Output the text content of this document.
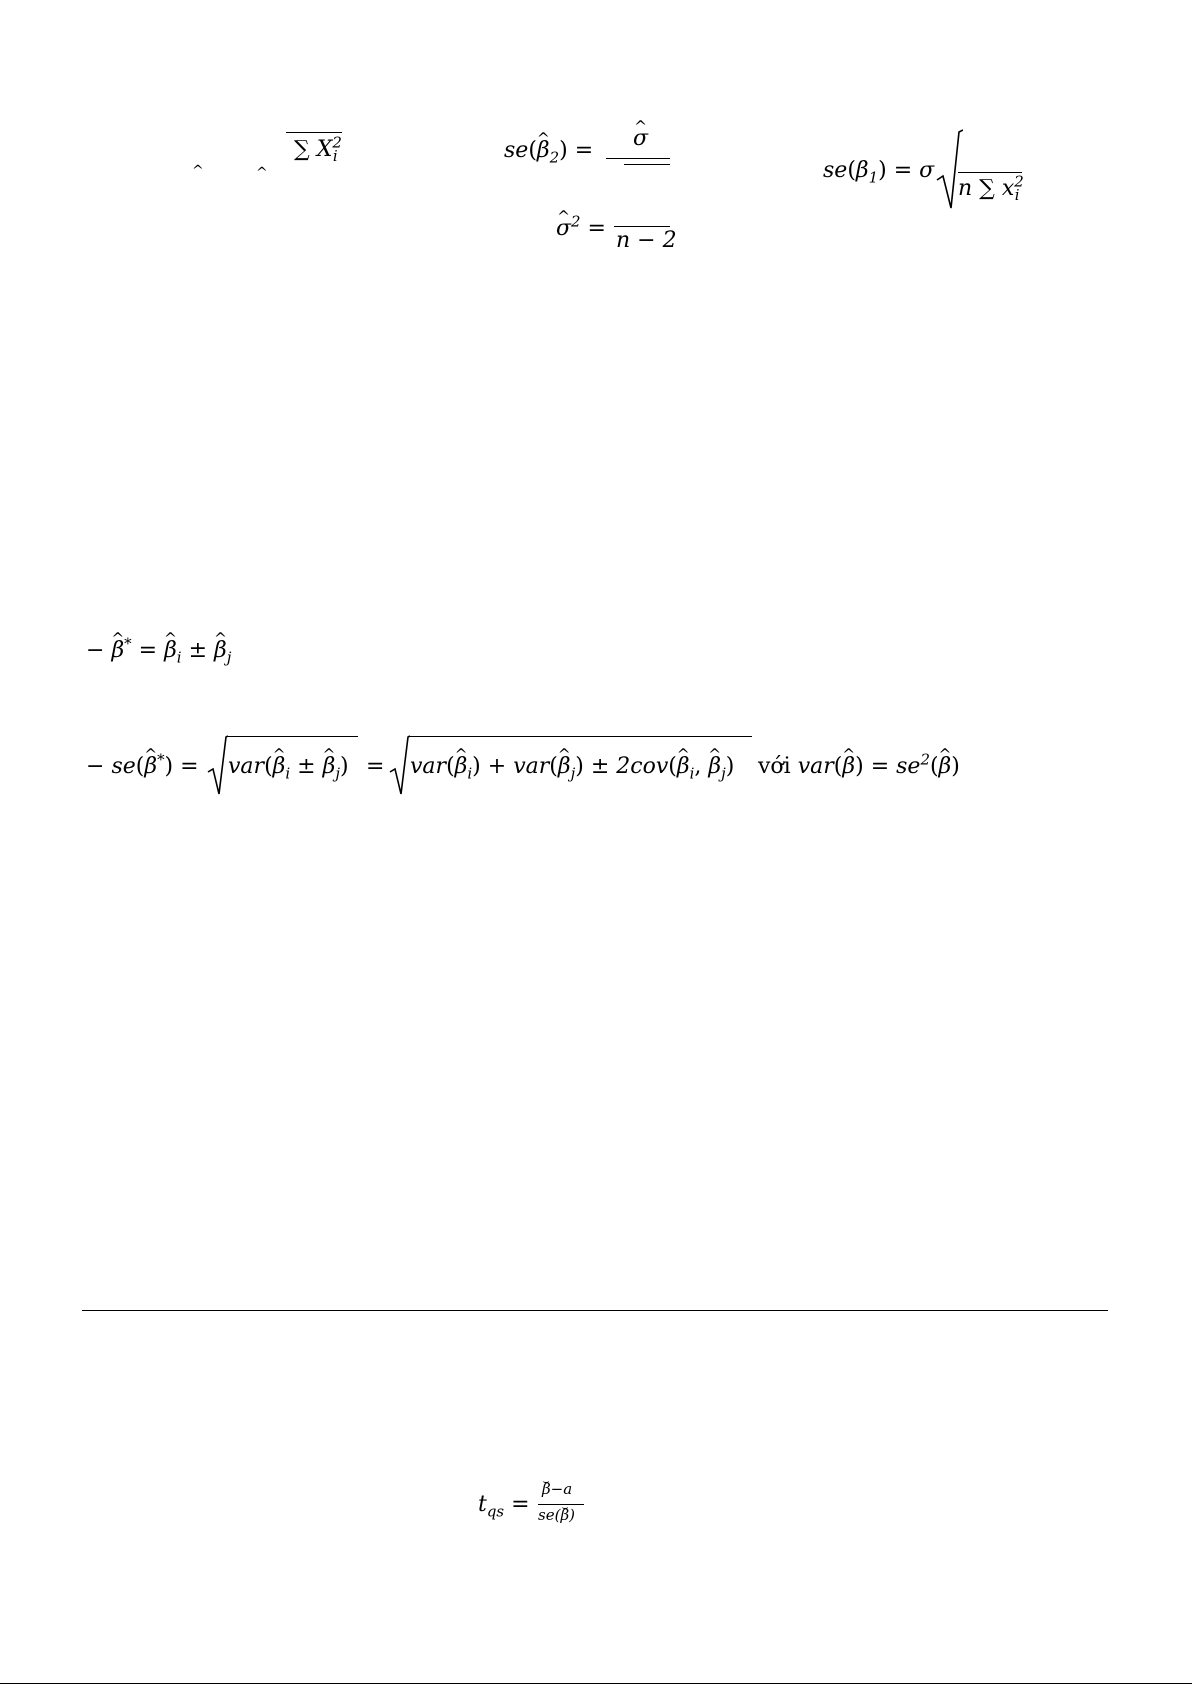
$_{\^{}}$	$_{\^{}}$
∑ $X^2_i$	se(^ $\beta_2$) = ^ σ
^ $\sigma^2 = n - 2$
$se(\beta_1) = \sigma$
n ∑ $x^2_i$
− ^ β* = ^ $\beta_i$ ± ^ $\beta_j$
− se(^ β*) = var(^ $\beta_i$ ± ^ $\beta_j$) = var(^ $\beta_i$) + var(^ $\beta_j$) ± 2cov(^ $\beta_i$, ^ $\beta_j$) với var(^ $\beta) = se^2(\^{}$ β)
$t_{qs}$ =
⌢ β−a
se(⌢ β)
